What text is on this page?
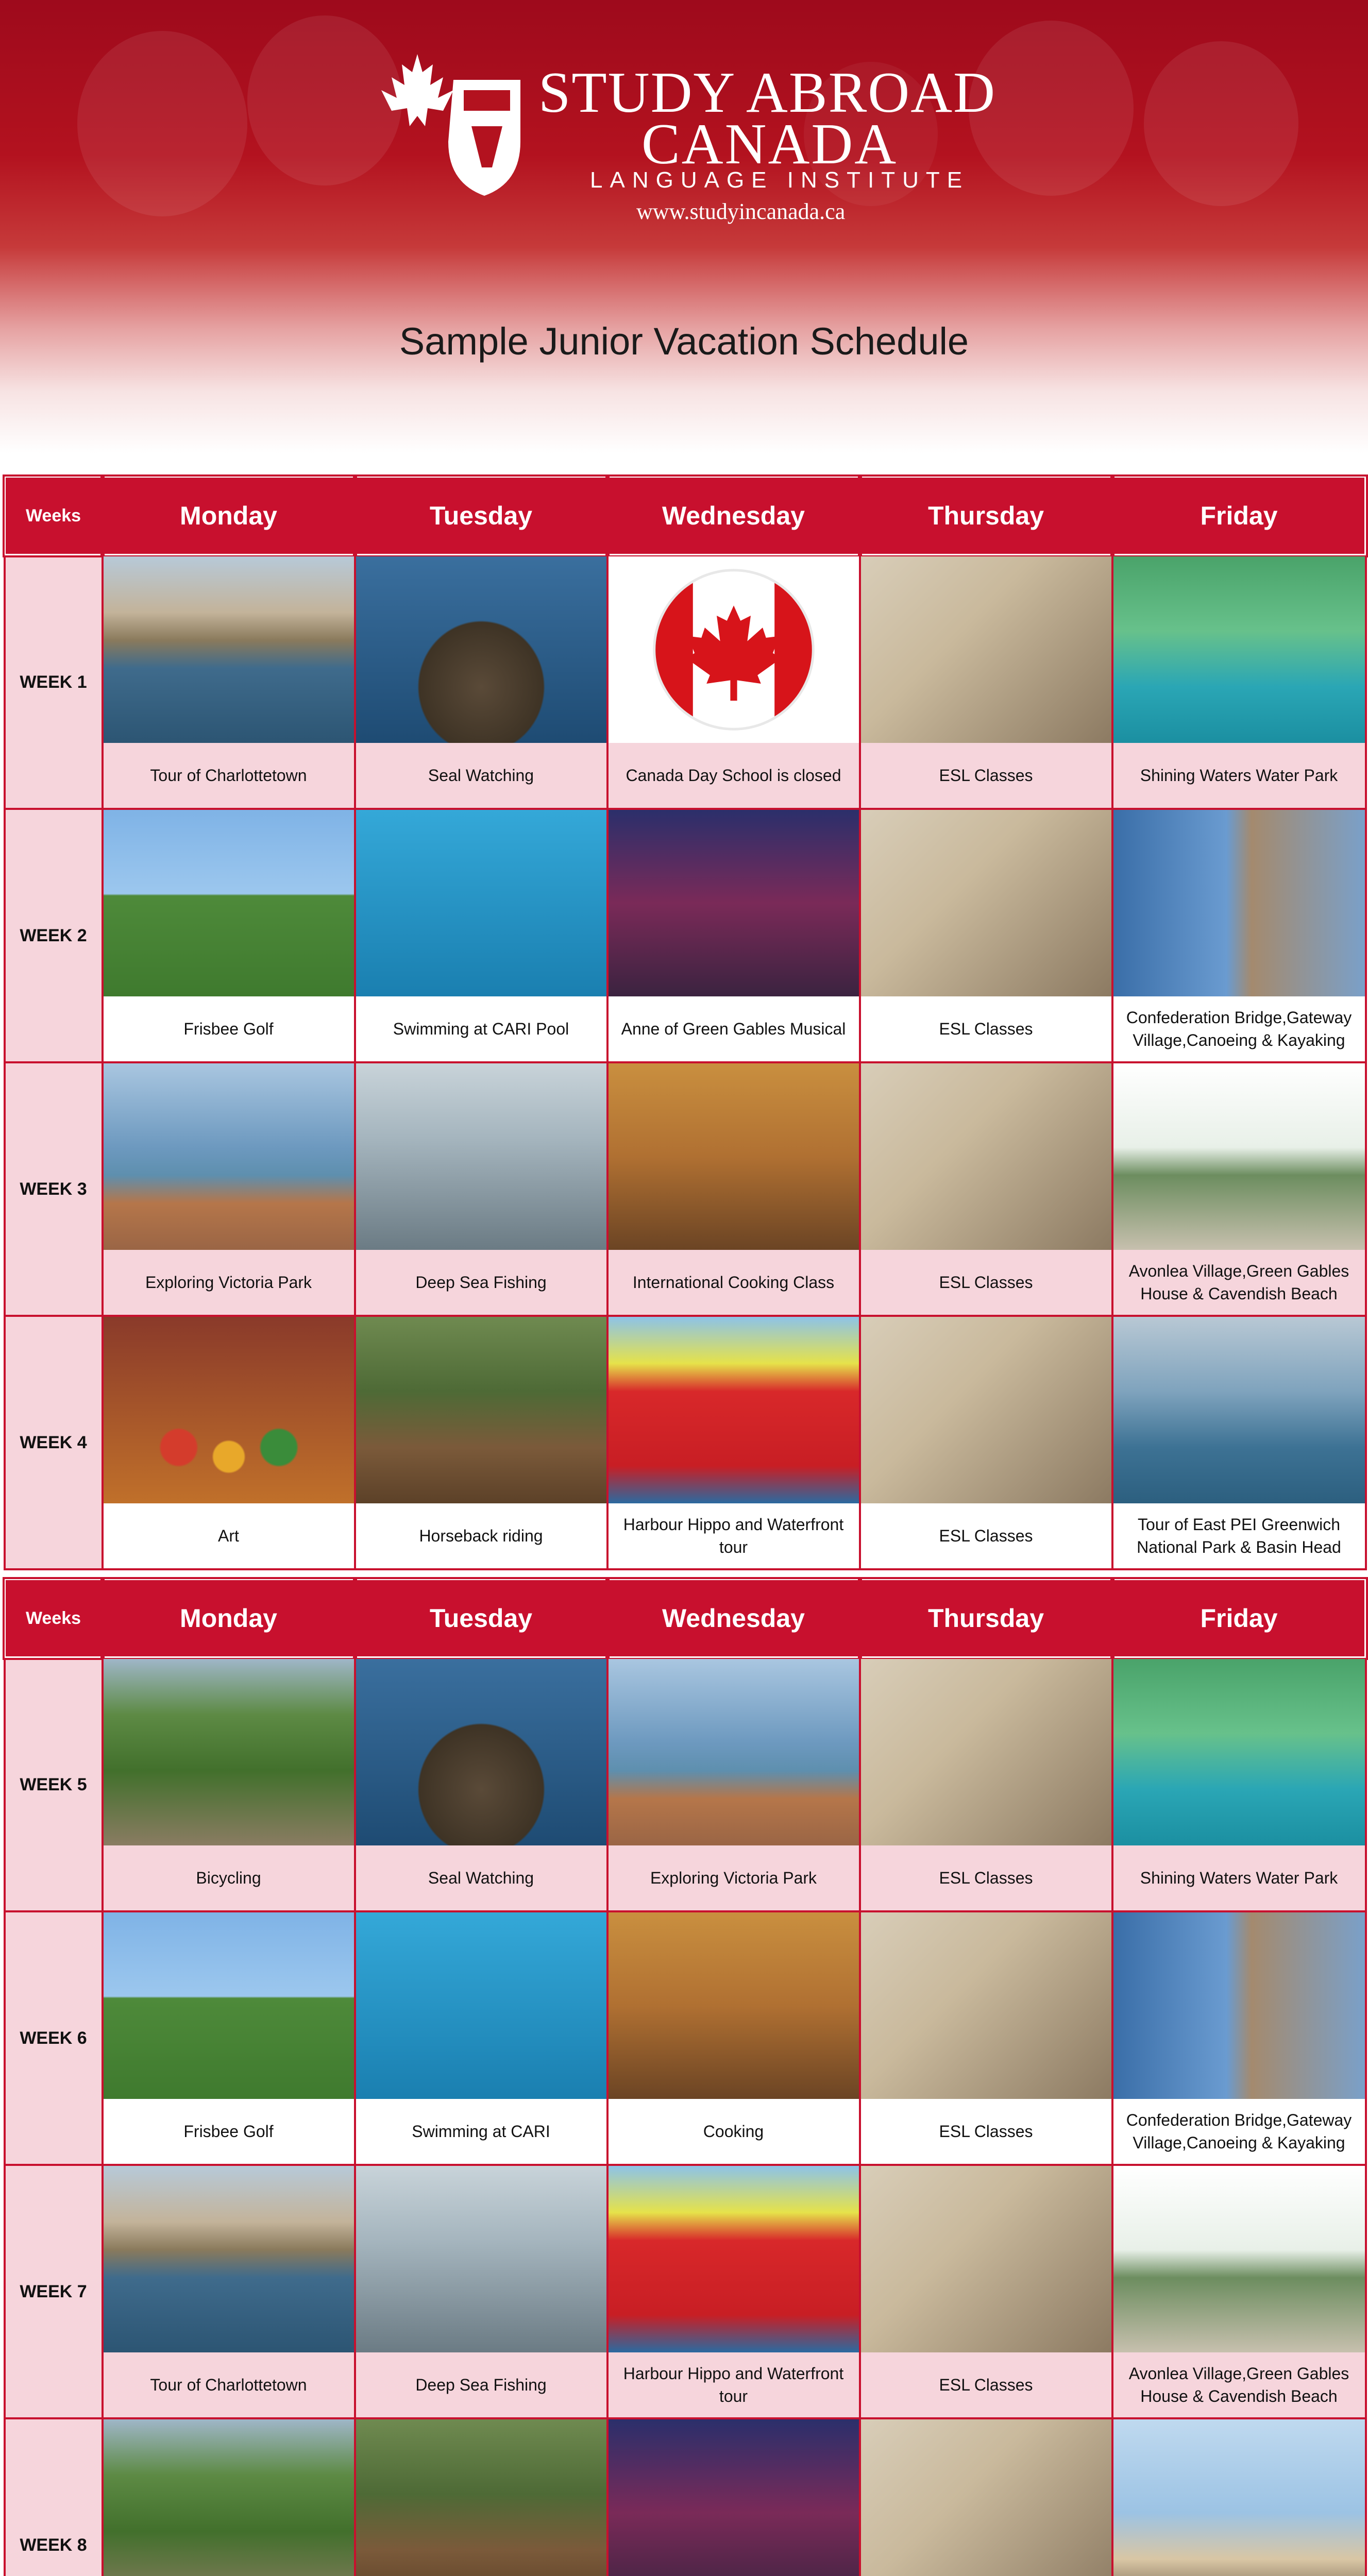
STUDY ABROAD
CANADA
LANGUAGE INSTITUTE
www.studyincanada.ca
Sample Junior Vacation Schedule
Weeks	Monday	Tuesday	Wednesday	Thursday	Friday
WEEK 1	Tour of Charlottetown	Seal Watching	Canada Day School is closed	ESL Classes	Shining Waters Water Park

WEEK 2	Frisbee Golf	Swimming at CARI Pool	Anne of Green Gables Musical	ESL Classes	Confederation Bridge,Gateway Village,Canoeing & Kayaking

WEEK 3	Exploring Victoria Park	Deep Sea Fishing	International Cooking Class	ESL Classes	Avonlea Village,Green Gables House & Cavendish Beach

WEEK 4	Art	Horseback riding	Harbour Hippo and Waterfront tour	ESL Classes	Tour of East PEI Greenwich National Park & Basin Head
Weeks	Monday	Tuesday	Wednesday	Thursday	Friday
WEEK 5	Bicycling	Seal Watching	Exploring Victoria Park	ESL Classes	Shining Waters Water Park

WEEK 6	Frisbee Golf	Swimming at CARI	Cooking	ESL Classes	Confederation Bridge,Gateway Village,Canoeing & Kayaking

WEEK 7	Tour of Charlottetown	Deep Sea Fishing	Harbour Hippo and Waterfront tour	ESL Classes	Avonlea Village,Green Gables House & Cavendish Beach

WEEK 8	
